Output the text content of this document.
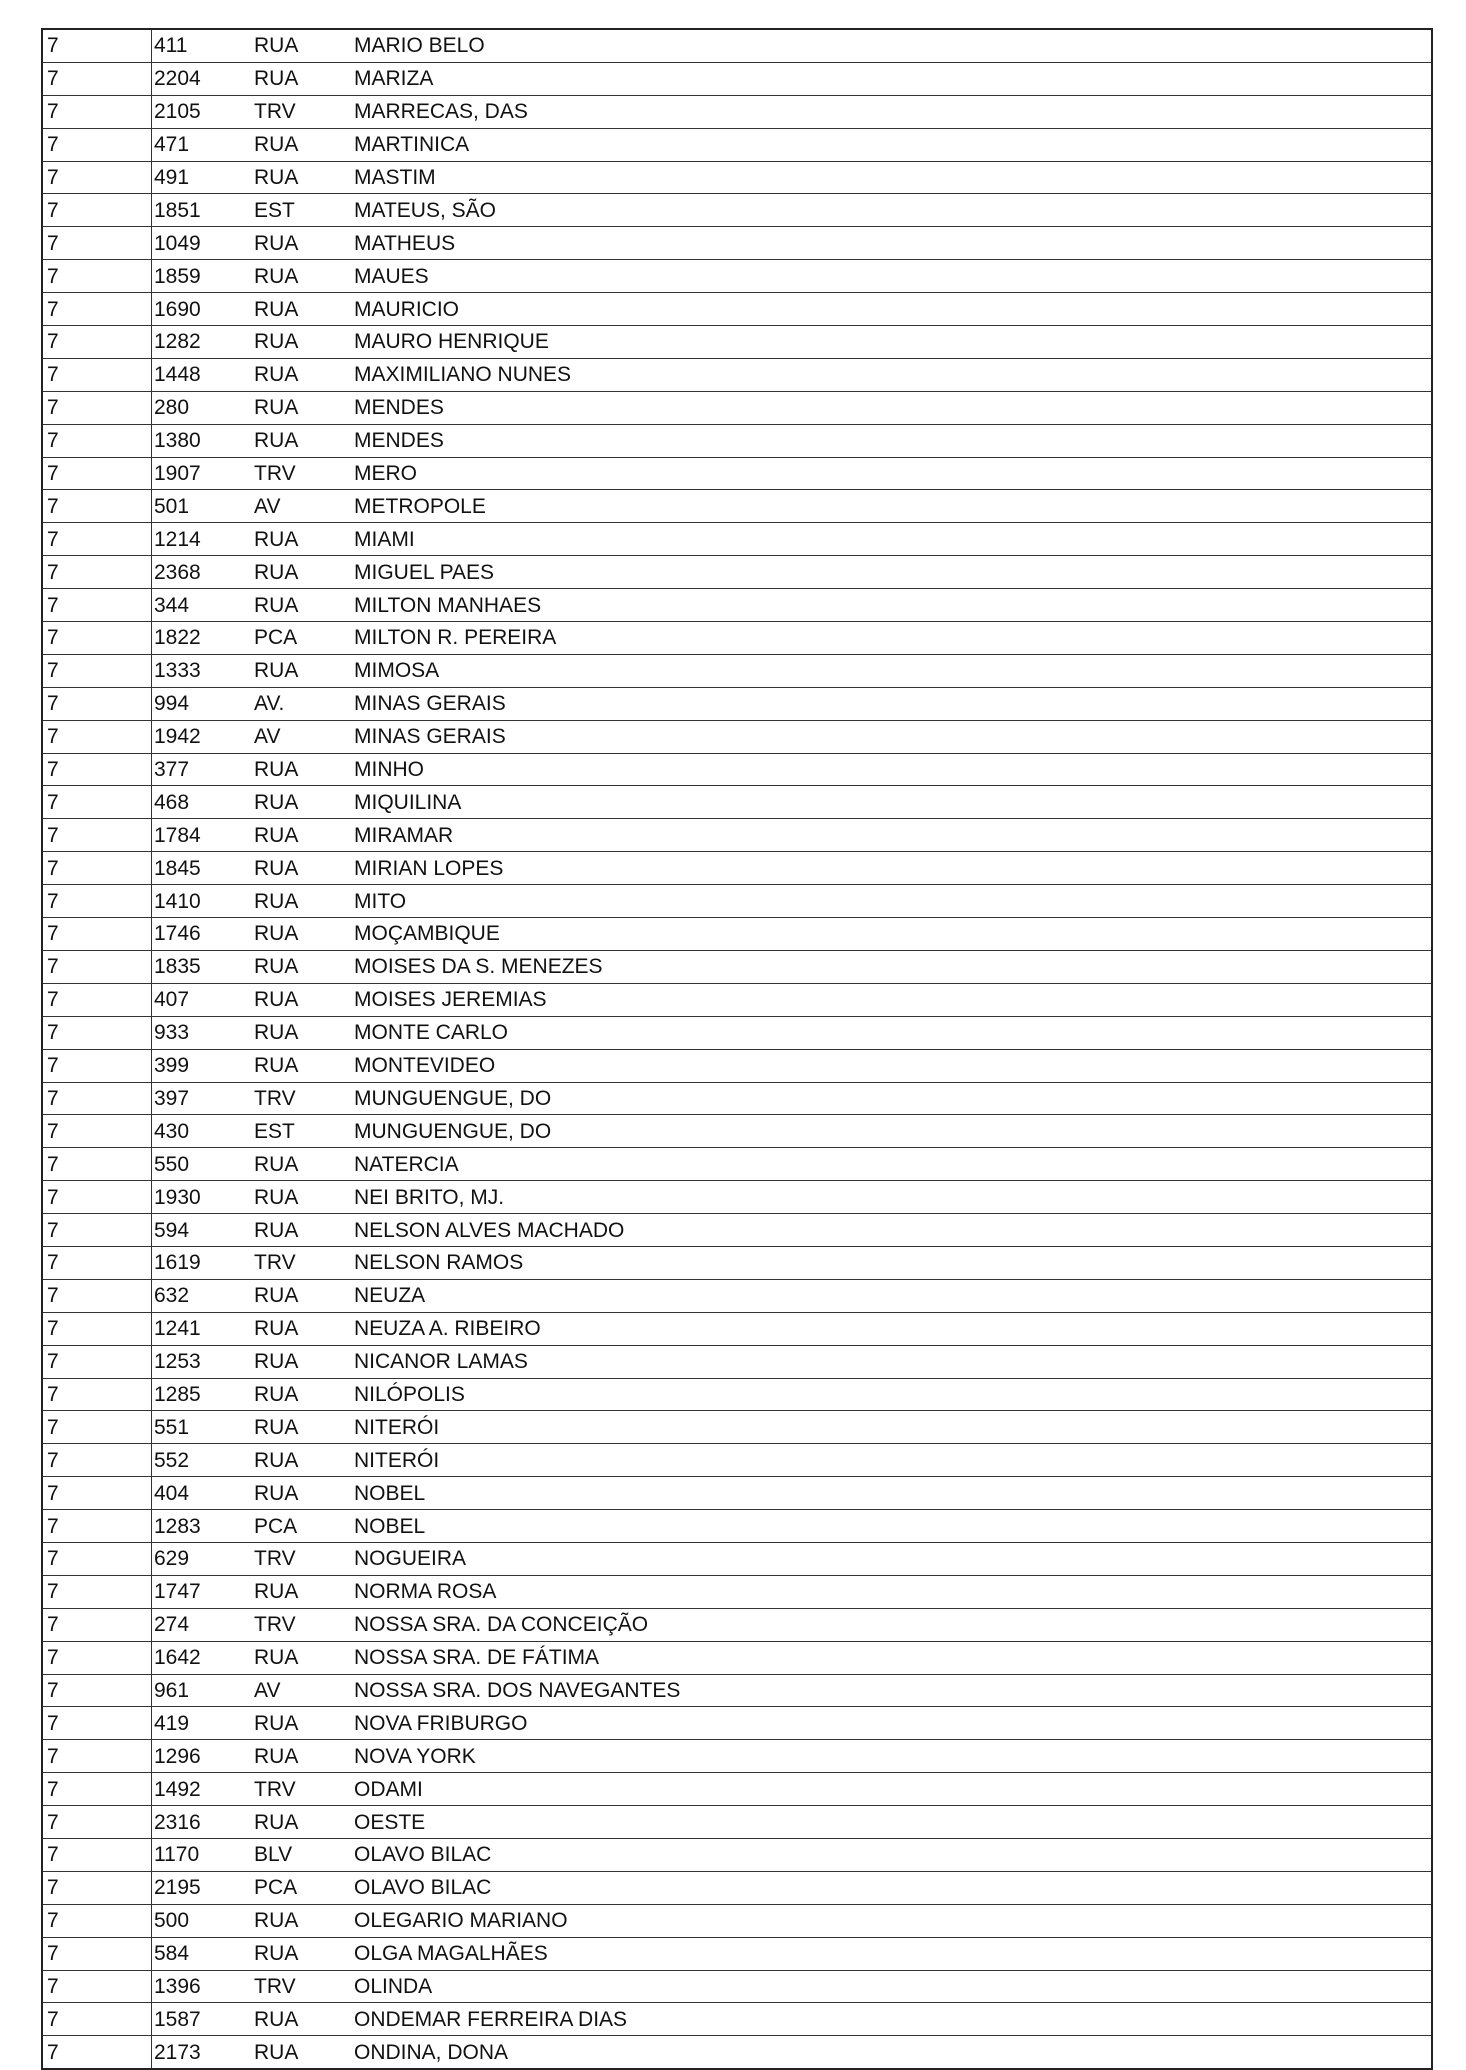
7	411	RUA	MARIO BELO
7	2204	RUA	MARIZA
7	2105	TRV	MARRECAS, DAS
7	471	RUA	MARTINICA
7	491	RUA	MASTIM
7	1851	EST	MATEUS, SÃO
7	1049	RUA	MATHEUS
7	1859	RUA	MAUES
7	1690	RUA	MAURICIO
7	1282	RUA	MAURO HENRIQUE
7	1448	RUA	MAXIMILIANO NUNES
7	280	RUA	MENDES
7	1380	RUA	MENDES
7	1907	TRV	MERO
7	501	AV	METROPOLE
7	1214	RUA	MIAMI
7	2368	RUA	MIGUEL PAES
7	344	RUA	MILTON MANHAES
7	1822	PCA	MILTON R. PEREIRA
7	1333	RUA	MIMOSA
7	994	AV.	MINAS GERAIS
7	1942	AV	MINAS GERAIS
7	377	RUA	MINHO
7	468	RUA	MIQUILINA
7	1784	RUA	MIRAMAR
7	1845	RUA	MIRIAN LOPES
7	1410	RUA	MITO
7	1746	RUA	MOÇAMBIQUE
7	1835	RUA	MOISES DA S. MENEZES
7	407	RUA	MOISES JEREMIAS
7	933	RUA	MONTE CARLO
7	399	RUA	MONTEVIDEO
7	397	TRV	MUNGUENGUE, DO
7	430	EST	MUNGUENGUE, DO
7	550	RUA	NATERCIA
7	1930	RUA	NEI BRITO, MJ.
7	594	RUA	NELSON ALVES MACHADO
7	1619	TRV	NELSON RAMOS
7	632	RUA	NEUZA
7	1241	RUA	NEUZA A. RIBEIRO
7	1253	RUA	NICANOR LAMAS
7	1285	RUA	NILÓPOLIS
7	551	RUA	NITERÓI
7	552	RUA	NITERÓI
7	404	RUA	NOBEL
7	1283	PCA	NOBEL
7	629	TRV	NOGUEIRA
7	1747	RUA	NORMA ROSA
7	274	TRV	NOSSA SRA. DA CONCEIÇÃO
7	1642	RUA	NOSSA SRA. DE FÁTIMA
7	961	AV	NOSSA SRA. DOS NAVEGANTES
7	419	RUA	NOVA FRIBURGO
7	1296	RUA	NOVA YORK
7	1492	TRV	ODAMI
7	2316	RUA	OESTE
7	1170	BLV	OLAVO BILAC
7	2195	PCA	OLAVO BILAC
7	500	RUA	OLEGARIO MARIANO
7	584	RUA	OLGA MAGALHÃES
7	1396	TRV	OLINDA
7	1587	RUA	ONDEMAR FERREIRA DIAS
7	2173	RUA	ONDINA, DONA
